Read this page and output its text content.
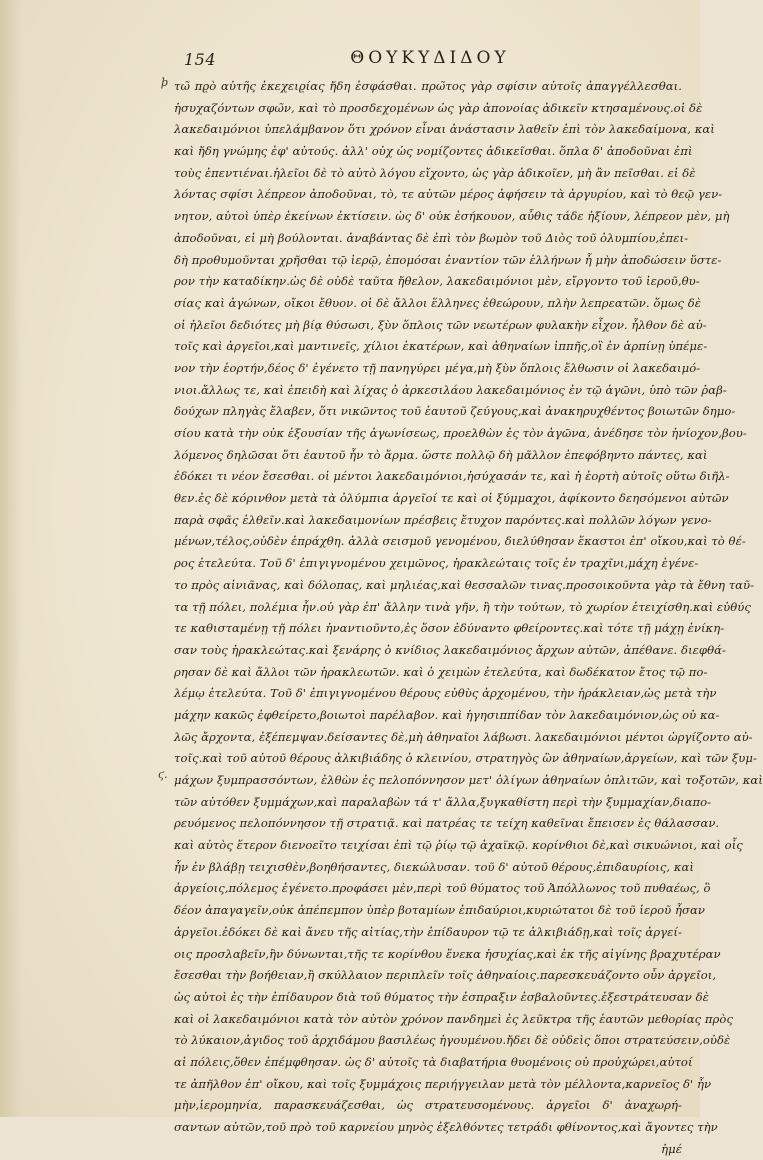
154	ΘΟΥΚΥΔΙΔΟΥ
ϸ
ϛ.
τω̃ πϱὸ αὐτη̃ς ἐκεχειϱίας ἤδη ἐσφάσθαι. πρω̃τος γὰρ σφίσιν αὐτοῖς ἀπαγγέλλεσθαι.
ἡσυχαζόντων σφω̃ν, καὶ τὸ προσδεχομένων ὡς γὰρ ἀπονοίας ἀδικεῖν κτησαμένους.οἱ δὲ
λακεδαιμόνιοι ὑπελάμβανον ὅτι χρόνον εἶναι ἀνάστασιν λαθεῖν ἐπὶ τὸν λακεδαίμονα, καὶ
καὶ ἤδη γνώμης ἐφ' αὐτούς. ἀλλ' οὐχ ὡς νομίζοντες ἀδικεῖσθαι. ὅπλα δ' ἀποδοῦναι ἐπὶ
τοὺς ἐπεντιέναι.ἠλεῖοι δὲ τὸ αὐτὸ λόγου εἴχοντο, ὡς γὰρ ἀδικοῖεν, μὴ ἂν πεῖσθαι. εἰ δὲ
λόντας σφίσι λέπρεον ἀποδοῦναι, τὸ, τε αὐτῶν μέρος ἀφήσειν τὰ ἀργυρίου, καὶ τὸ θεῷ γεν-
νητον, αὐτοὶ ὑπὲρ ἐκείνων ἐκτίσειν. ὡς δ' οὐκ ἐσήκουον, αὖθις τάδε ἠξίουν, λέπρεον μὲν, μὴ
ἀποδοῦναι, εἰ μὴ βούλονται. ἀναβάντας δὲ ἐπὶ τὸν βωμὸν τοῦ Διὸς τοῦ ὀλυμπίου,ἐπει-
δὴ προθυμοῦνται χρῆσθαι τῷ ἱερῷ, ἐπομόσαι ἐναντίον τῶν ἑλλήνων ἦ μὴν ἀποδώσειν ὕστε-
ρον τὴν καταδίκην.ὡς δὲ οὐδὲ ταῦτα ἤθελον, λακεδαιμόνιοι μὲν, εἴργοντο τοῦ ἱεροῦ,θυ-
σίας καὶ ἀγώνων, οἴκοι ἔθυον. οἱ δὲ ἄλλοι ἕλληνες ἐθεώρουν, πλὴν λεπρεατῶν. ὅμως δὲ
οἱ ἠλεῖοι δεδιότες μὴ βίᾳ θύσωσι, ξὺν ὅπλοις τῶν νεωτέρων φυλακὴν εἶχον. ἦλθον δὲ αὐ-
τοῖς καὶ ἀργεῖοι,καὶ μαντινεῖς, χίλιοι ἑκατέρων, καὶ ἀθηναίων ἱππῆς,οἳ ἐν ἁρπίνῃ ὑπέμε-
νον τὴν ἑορτήν,δέος δ' ἐγένετο τῇ πανηγύρει μέγα,μὴ ξὺν ὅπλοις ἔλθωσιν οἱ λακεδαιμό-
νιοι.ἄλλως τε, καὶ ἐπειδὴ καὶ λίχας ὁ ἀρκεσιλάου λακεδαιμόνιος ἐν τῷ ἀγῶνι, ὑπὸ τῶν ῥαβ-
δούχων πληγὰς ἔλαβεν, ὅτι νικῶντος τοῦ ἑαυτοῦ ζεύγους,καὶ ἀνακηρυχθέντος βοιωτῶν δημο-
σίου κατὰ τὴν οὐκ ἐξουσίαν τῆς ἀγωνίσεως, προελθὼν ἐς τὸν ἀγῶνα, ἀνέδησε τὸν ἡνίοχον,βου-
λόμενος δηλῶσαι ὅτι ἑαυτοῦ ἦν τὸ ἅρμα. ὥστε πολλῷ δὴ μᾶλλον ἐπεφόβηντο πάντες, καὶ
ἐδόκει τι νέον ἔσεσθαι. οἱ μέντοι λακεδαιμόνιοι,ἡσύχασάν τε, καὶ ἡ ἑορτὴ αὐτοῖς οὕτω διῆλ-
θεν.ἐς δὲ κόρινθον μετὰ τὰ ὀλύμπια ἀργεῖοί τε καὶ οἱ ξύμμαχοι, ἀφίκοντο δεησόμενοι αὐτῶν
παρὰ σφᾶς ἐλθεῖν.καὶ λακεδαιμονίων πρέσβεις ἔτυχον παρόντες.καὶ πολλῶν λόγων γενο-
μένων,τέλος,οὐδὲν ἐπράχθη. ἀλλὰ σεισμοῦ γενομένου, διελύθησαν ἕκαστοι ἐπ' οἴκου,καὶ τὸ θέ-
ρος ἐτελεύτα. Τοῦ δ' ἐπιγιγνομένου χειμῶνος, ἡρακλεώταις τοῖς ἐν τραχῖνι,μάχη ἐγένε-
το πρὸς αἰνιᾶνας, καὶ δόλοπας, καὶ μηλιέας,καὶ θεσσαλῶν τινας.προσοικοῦντα γὰρ τὰ ἔθνη ταῦ-
τα τῇ πόλει, πολέμια ἦν.οὐ γὰρ ἐπ' ἄλλην τινὰ γῆν, ἢ τὴν τούτων, τὸ χωρίον ἐτειχίσθη.καὶ εὐθύς
τε καθισταμένῃ τῇ πόλει ἠναντιοῦντο,ἐς ὅσον ἐδύναντο φθείροντες.καὶ τότε τῇ μάχῃ ἐνίκη-
σαν τοὺς ἡρακλεώτας.καὶ ξενάρης ὁ κνίδιος λακεδαιμόνιος ἄρχων αὐτῶν, ἀπέθανε. διεφθά-
ρησαν δὲ καὶ ἄλλοι τῶν ἡρακλεωτῶν. καὶ ὁ χειμὼν ἐτελεύτα, καὶ δωδέκατον ἔτος τῷ πο-
λέμῳ ἐτελεύτα. Τοῦ δ' ἐπιγιγνομένου θέρους εὐθὺς ἀρχομένου, τὴν ἡράκλειαν,ὡς μετὰ τὴν
μάχην κακῶς ἐφθείρετο,βοιωτοὶ παρέλαβον. καὶ ἡγησιππίδαν τὸν λακεδαιμόνιον,ὡς οὐ κα-
λῶς ἄρχοντα, ἐξέπεμψαν.δείσαντες δὲ,μὴ ἀθηναῖοι λάβωσι. λακεδαιμόνιοι μέντοι ὠργίζοντο αὐ-
τοῖς.καὶ τοῦ αὐτοῦ θέρους ἀλκιβιάδης ὁ κλεινίου, στρατηγὸς ὢν ἀθηναίων,ἀργείων, καὶ τῶν ξυμ-
μάχων ξυμπρασσόντων, ἐλθὼν ἐς πελοπόννησον μετ' ὀλίγων ἀθηναίων ὁπλιτῶν, καὶ τοξοτῶν, καὶ
τῶν αὐτόθεν ξυμμάχων,καὶ παραλαβὼν τά τ' ἄλλα,ξυγκαθίστη περὶ τὴν ξυμμαχίαν,διαπο-
ρευόμενος πελοπόννησον τῇ στρατιᾷ. καὶ πατρέας τε τείχη καθεῖναι ἔπεισεν ἐς θάλασσαν.
καὶ αὐτὸς ἕτερον διενοεῖτο τειχίσαι ἐπὶ τῷ ῥίῳ τῷ ἀχαϊκῷ. κορίνθιοι δὲ,καὶ σικυώνιοι, καὶ οἷς
ἦν ἐν βλάβῃ τειχισθὲν,βοηθήσαντες, διεκώλυσαν. τοῦ δ' αὐτοῦ θέρους,ἐπιδαυρίοις, καὶ
ἀργείοις,πόλεμος ἐγένετο.προφάσει μὲν,περὶ τοῦ θύματος τοῦ Ἀπόλλωνος τοῦ πυθαέως, ὃ
δέον ἀπαγαγεῖν,οὐκ ἀπέπεμπον ὑπὲρ βοταμίων ἐπιδαύριοι,κυριώτατοι δὲ τοῦ ἱεροῦ ἦσαν
ἀργεῖοι.ἐδόκει δὲ καὶ ἄνευ τῆς αἰτίας,τὴν ἐπίδαυρον τῷ τε ἀλκιβιάδῃ,καὶ τοῖς ἀργεί-
οις προσλαβεῖν,ἢν δύνωνται,τῆς τε κορίνθου ἕνεκα ἡσυχίας,καὶ ἐκ τῆς αἰγίνης βραχυτέραν
ἔσεσθαι τὴν βοήθειαν,ἢ σκύλλαιον περιπλεῖν τοῖς ἀθηναίοις.παρεσκευάζοντο οὖν ἀργεῖοι,
ὡς αὐτοὶ ἐς τὴν ἐπίδαυρον διὰ τοῦ θύματος τὴν ἐσπραξιν ἐσβαλοῦντες.ἐξεστράτευσαν δὲ
καὶ οἱ λακεδαιμόνιοι κατὰ τὸν αὐτὸν χρόνον πανδημεὶ ἐς λεῦκτρα τῆς ἑαυτῶν μεθορίας πρὸς
τὸ λύκαιον,ἀγιδος τοῦ ἀρχιδάμου βασιλέως ἡγουμένου.ἤδει δὲ οὐδεὶς ὅποι στρατεύσειν,οὐδὲ
αἱ πόλεις,ὅθεν ἐπέμφθησαν. ὡς δ' αὐτοῖς τὰ διαβατήρια θυομένοις οὐ προὐχώρει,αὐτοί
τε ἀπῆλθον ἐπ' οἴκου, καὶ τοῖς ξυμμάχοις περιήγγειλαν μετὰ τὸν μέλλοντα,καρνεῖος δ' ἦν
μὴν,ἱερομηνία, παρασκευάζεσθαι, ὡς στρατευσομένους. ἀργεῖοι δ' ἀναχωρή-
σαντων αὐτῶν,τοῦ πρὸ τοῦ καρνείου μηνὸς ἐξελθόντες τετράδι φθίνοντος,καὶ ἄγοντες τὴν
ἡμέ
